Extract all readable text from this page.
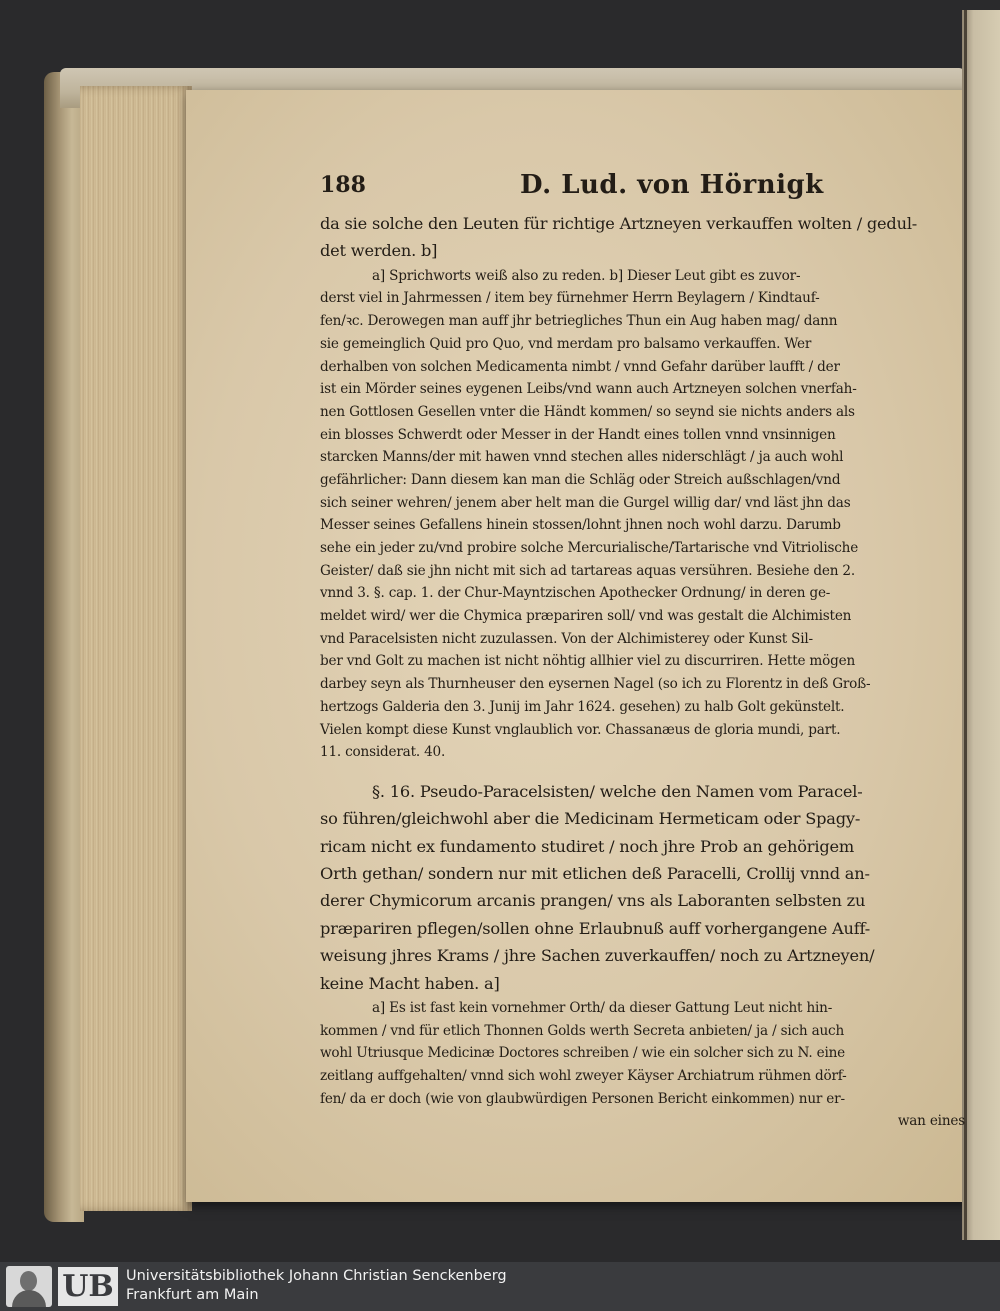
188	D. Lud. von Hörnigk
da sie solche den Leuten für richtige Artzneyen verkauffen wolten / gedul-
det werden. b]
a] Sprichworts weiß also zu reden. b] Dieser Leut gibt es zuvor-
derst viel in Jahrmessen / item bey fürnehmer Herrn Beylagern / Kindtauf-
fen/ꝛc. Derowegen man auff jhr betriegliches Thun ein Aug haben mag/ dann
sie gemeinglich Quid pro Quo, vnd merdam pro balsamo verkauffen. Wer
derhalben von solchen Medicamenta nimbt / vnnd Gefahr darüber laufft / der
ist ein Mörder seines eygenen Leibs/vnd wann auch Artzneyen solchen vnerfah-
nen Gottlosen Gesellen vnter die Händt kommen/ so seynd sie nichts anders als
ein blosses Schwerdt oder Messer in der Handt eines tollen vnnd vnsinnigen
starcken Manns/der mit hawen vnnd stechen alles niderschlägt / ja auch wohl
gefährlicher: Dann diesem kan man die Schläg oder Streich außschlagen/vnd
sich seiner wehren/ jenem aber helt man die Gurgel willig dar/ vnd läst jhn das
Messer seines Gefallens hinein stossen/lohnt jhnen noch wohl darzu. Darumb
sehe ein jeder zu/vnd probire solche Mercurialische/Tartarische vnd Vitriolische
Geister/ daß sie jhn nicht mit sich ad tartareas aquas versühren. Besiehe den 2.
vnnd 3. §. cap. 1. der Chur-Mayntzischen Apothecker Ordnung/ in deren ge-
meldet wird/ wer die Chymica præpariren soll/ vnd was gestalt die Alchimisten
vnd Paracelsisten nicht zuzulassen. Von der Alchimisterey oder Kunst Sil-
ber vnd Golt zu machen ist nicht nöhtig allhier viel zu discurriren. Hette mögen
darbey seyn als Thurnheuser den eysernen Nagel (so ich zu Florentz in deß Groß-
hertzogs Galderia den 3. Junij im Jahr 1624. gesehen) zu halb Golt gekünstelt.
Vielen kompt diese Kunst vnglaublich vor. Chassanæus de gloria mundi, part.
11. considerat. 40.
§. 16. Pseudo-Paracelsisten/ welche den Namen vom Paracel-
so führen/gleichwohl aber die Medicinam Hermeticam oder Spagy-
ricam nicht ex fundamento studiret / noch jhre Prob an gehörigem
Orth gethan/ sondern nur mit etlichen deß Paracelli, Crollij vnnd an-
derer Chymicorum arcanis prangen/ vns als Laboranten selbsten zu
præpariren pflegen/sollen ohne Erlaubnuß auff vorhergangene Auff-
weisung jhres Krams / jhre Sachen zuverkauffen/ noch zu Artzneyen/
keine Macht haben. a]
a] Es ist fast kein vornehmer Orth/ da dieser Gattung Leut nicht hin-
kommen / vnd für etlich Thonnen Golds werth Secreta anbieten/ ja / sich auch
wohl Utriusque Medicinæ Doctores schreiben / wie ein solcher sich zu N. eine
zeitlang auffgehalten/ vnnd sich wohl zweyer Käyser Archiatrum rühmen dörf-
fen/ da er doch (wie von glaubwürdigen Personen Bericht einkommen) nur er-
wan eines
UB Universitätsbibliothek Johann Christian Senckenberg
Frankfurt am Main
